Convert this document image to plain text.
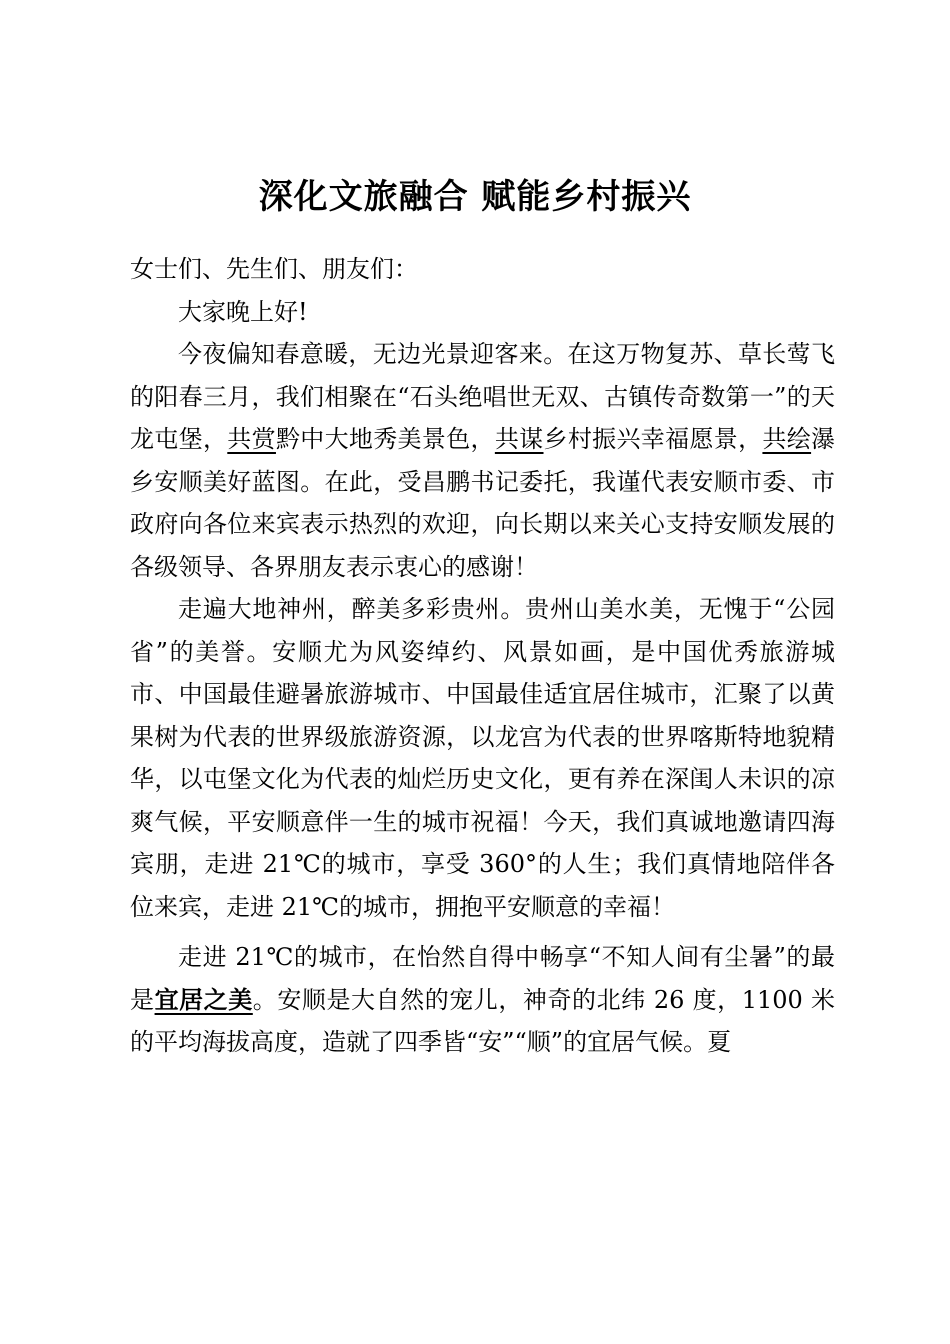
深化文旅融合 赋能乡村振兴

女士们、先生们、朋友们：

大家晚上好!

今夜偏知春意暖，无边光景迎客来。在这万物复苏、草长莺飞的阳春三月，我们相聚在“石头绝唱世无双、古镇传奇数第一”的天龙屯堡，共赏黔中大地秀美景色，共谋乡村振兴幸福愿景，共绘瀑乡安顺美好蓝图。在此，受昌鹏书记委托，我谨代表安顺市委、市政府向各位来宾表示热烈的欢迎，向长期以来关心支持安顺发展的各级领导、各界朋友表示衷心的感谢！

走遍大地神州，醉美多彩贵州。贵州山美水美，无愧于“公园省”的美誉。安顺尤为风姿绰约、风景如画，是中国优秀旅游城市、中国最佳避暑旅游城市、中国最佳适宜居住城市，汇聚了以黄果树为代表的世界级旅游资源，以龙宫为代表的世界喀斯特地貌精华，以屯堡文化为代表的灿烂历史文化，更有养在深闺人未识的凉爽气候，平安顺意伴一生的城市祝福！今天，我们真诚地邀请四海宾朋，走进 21℃的城市，享受 360°的人生；我们真情地陪伴各位来宾，走进 21℃的城市，拥抱平安顺意的幸福！

走进 21℃的城市，在怡然自得中畅享“不知人间有尘暑”的最是宜居之美。安顺是大自然的宠儿，神奇的北纬 26 度，1100 米的平均海拔高度，造就了四季皆“安”“顺”的宜居气候。夏
